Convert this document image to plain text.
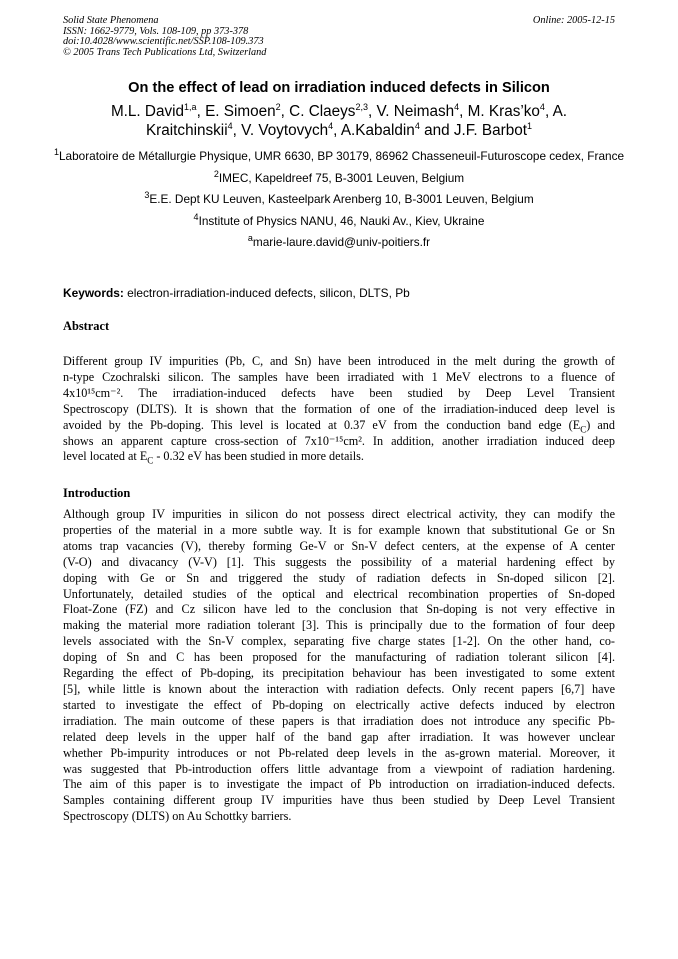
Solid State Phenomena
ISSN: 1662-9779, Vols. 108-109, pp 373-378
doi:10.4028/www.scientific.net/SSP.108-109.373
© 2005 Trans Tech Publications Ltd, Switzerland
Online: 2005-12-15
On the effect of lead on irradiation induced defects in Silicon
M.L. David$^{1,a}$, E. Simoen$^2$, C. Claeys$^{2,3}$, V. Neimash$^4$, M. $Kras’ko^4$, A. Kraitchinskii$^4$, V. Voytovych$^4$, A.Kabaldin$^4$ and J.F. Barbot$^1$
$^1$Laboratoire de Métallurgie Physique, UMR 6630, BP 30179, 86962 Chasseneuil-Futuroscope cedex, France
$^2$IMEC, Kapeldreef 75, B-3001 Leuven, Belgium
$^3$E.E. Dept KU Leuven, Kasteelpark Arenberg 10, B-3001 Leuven, Belgium
$^4$Institute of Physics NANU, 46, Nauki Av., Kiev, Ukraine
$^a$marie-laure.david@univ-poitiers.fr
Keywords: electron-irradiation-induced defects, silicon, DLTS, Pb
Abstract
Different group IV impurities (Pb, C, and Sn) have been introduced in the melt during the growth of
n-type Czochralski silicon. The samples have been irradiated with 1 MeV electrons to a fluence of
4x10¹⁵cm⁻². The irradiation-induced defects have been studied by Deep Level Transient
Spectroscopy (DLTS). It is shown that the formation of one of the irradiation-induced deep level is
avoided by the Pb-doping. This level is located at 0.37 eV from the conduction band edge $(E_C)$ and
shows an apparent capture cross-section of 7x10⁻¹⁵cm². In addition, another irradiation induced deep
level located at $E_C - 0.32$ eV has been studied in more details.
Introduction
Although group IV impurities in silicon do not possess direct electrical activity, they can modify the
properties of the material in a more subtle way. It is for example known that substitutional Ge or Sn
atoms trap vacancies (V), thereby forming Ge-V or Sn-V defect centers, at the expense of A center
(V-O) and divacancy (V-V) [1]. This suggests the possibility of a material hardening effect by
doping with Ge or Sn and triggered the study of radiation defects in Sn-doped silicon [2].
Unfortunately, detailed studies of the optical and electrical recombination properties of Sn-doped
Float-Zone (FZ) and Cz silicon have led to the conclusion that Sn-doping is not very effective in
making the material more radiation tolerant [3]. This is principally due to the formation of four deep
levels associated with the Sn-V complex, separating five charge states [1-2]. On the other hand, co-
doping of Sn and C has been proposed for the manufacturing of radiation tolerant silicon [4].
Regarding the effect of Pb-doping, its precipitation behaviour has been investigated to some extent
[5], while little is known about the interaction with radiation defects. Only recent papers [6,7] have
started to investigate the effect of Pb-doping on electrically active defects induced by electron
irradiation. The main outcome of these papers is that irradiation does not introduce any specific Pb-
related deep levels in the upper half of the band gap after irradiation. It was however unclear
whether Pb-impurity introduces or not Pb-related deep levels in the as-grown material. Moreover, it
was suggested that Pb-introduction offers little advantage from a viewpoint of radiation hardening.
The aim of this paper is to investigate the impact of Pb introduction on irradiation-induced defects.
Samples containing different group IV impurities have thus been studied by Deep Level Transient
Spectroscopy (DLTS) on Au Schottky barriers.
